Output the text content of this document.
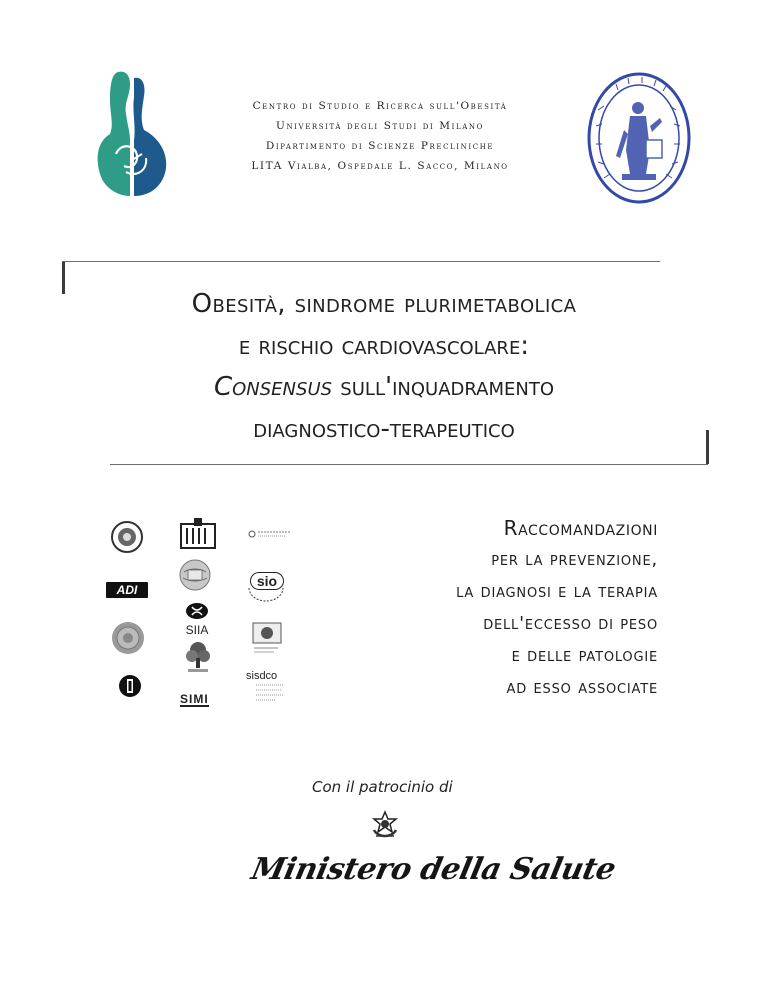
Centro di Studio e Ricerca sull'Obesità
Università degli Studi di Milano
Dipartimento di Scienze Precliniche
LITA Vialba, Ospedale L. Sacco, Milano
Obesità, sindrome plurimetabolica
e rischio cardiovascolare:
Consensus sull'inquadramento
diagnostico-terapeutico
ADI
SIIA
SIMI
sio
sisdco
Raccomandazioni
per la prevenzione,
la diagnosi e la terapia
dell'eccesso di peso
e delle patologie
ad esso associate
Con il patrocinio di
Ministero della Salute
